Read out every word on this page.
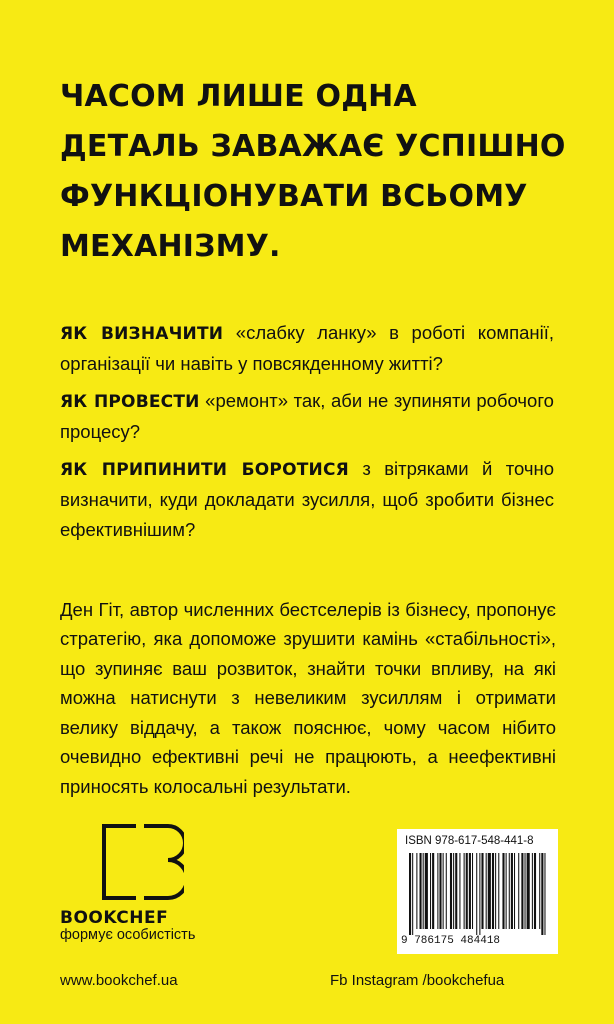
ЧАСОМ ЛИШЕ ОДНА
ДЕТАЛЬ ЗАВАЖАЄ УСПІШНО
ФУНКЦІОНУВАТИ ВСЬОМУ
МЕХАНІЗМУ.

ЯК ВИЗНАЧИТИ «слабку ланку» в роботі компанії, організації чи навіть у повсякденному житті?

ЯК ПРОВЕСТИ «ремонт» так, аби не зупиняти робочого процесу?

ЯК ПРИПИНИТИ БОРОТИСЯ з вітряками й точно визначити, куди докладати зусилля, щоб зробити бізнес ефективнішим?

Ден Гіт, автор численних бестселерів із бізнесу, пропонує стратегію, яка допоможе зрушити камінь «стабільності», що зупиняє ваш розвиток, знайти точки впливу, на які можна натиснути з невеликим зусиллям і отримати велику віддачу, а також пояснює, чому часом нібито очевидно ефективні речі не працюють, а неефективні приносять колосальні результати.

BOOKCHEF
формує особистість
ISBN 978-617-548-441-8
9 786175 484418
www.bookchef.ua	Fb Instagram /bookchefua
